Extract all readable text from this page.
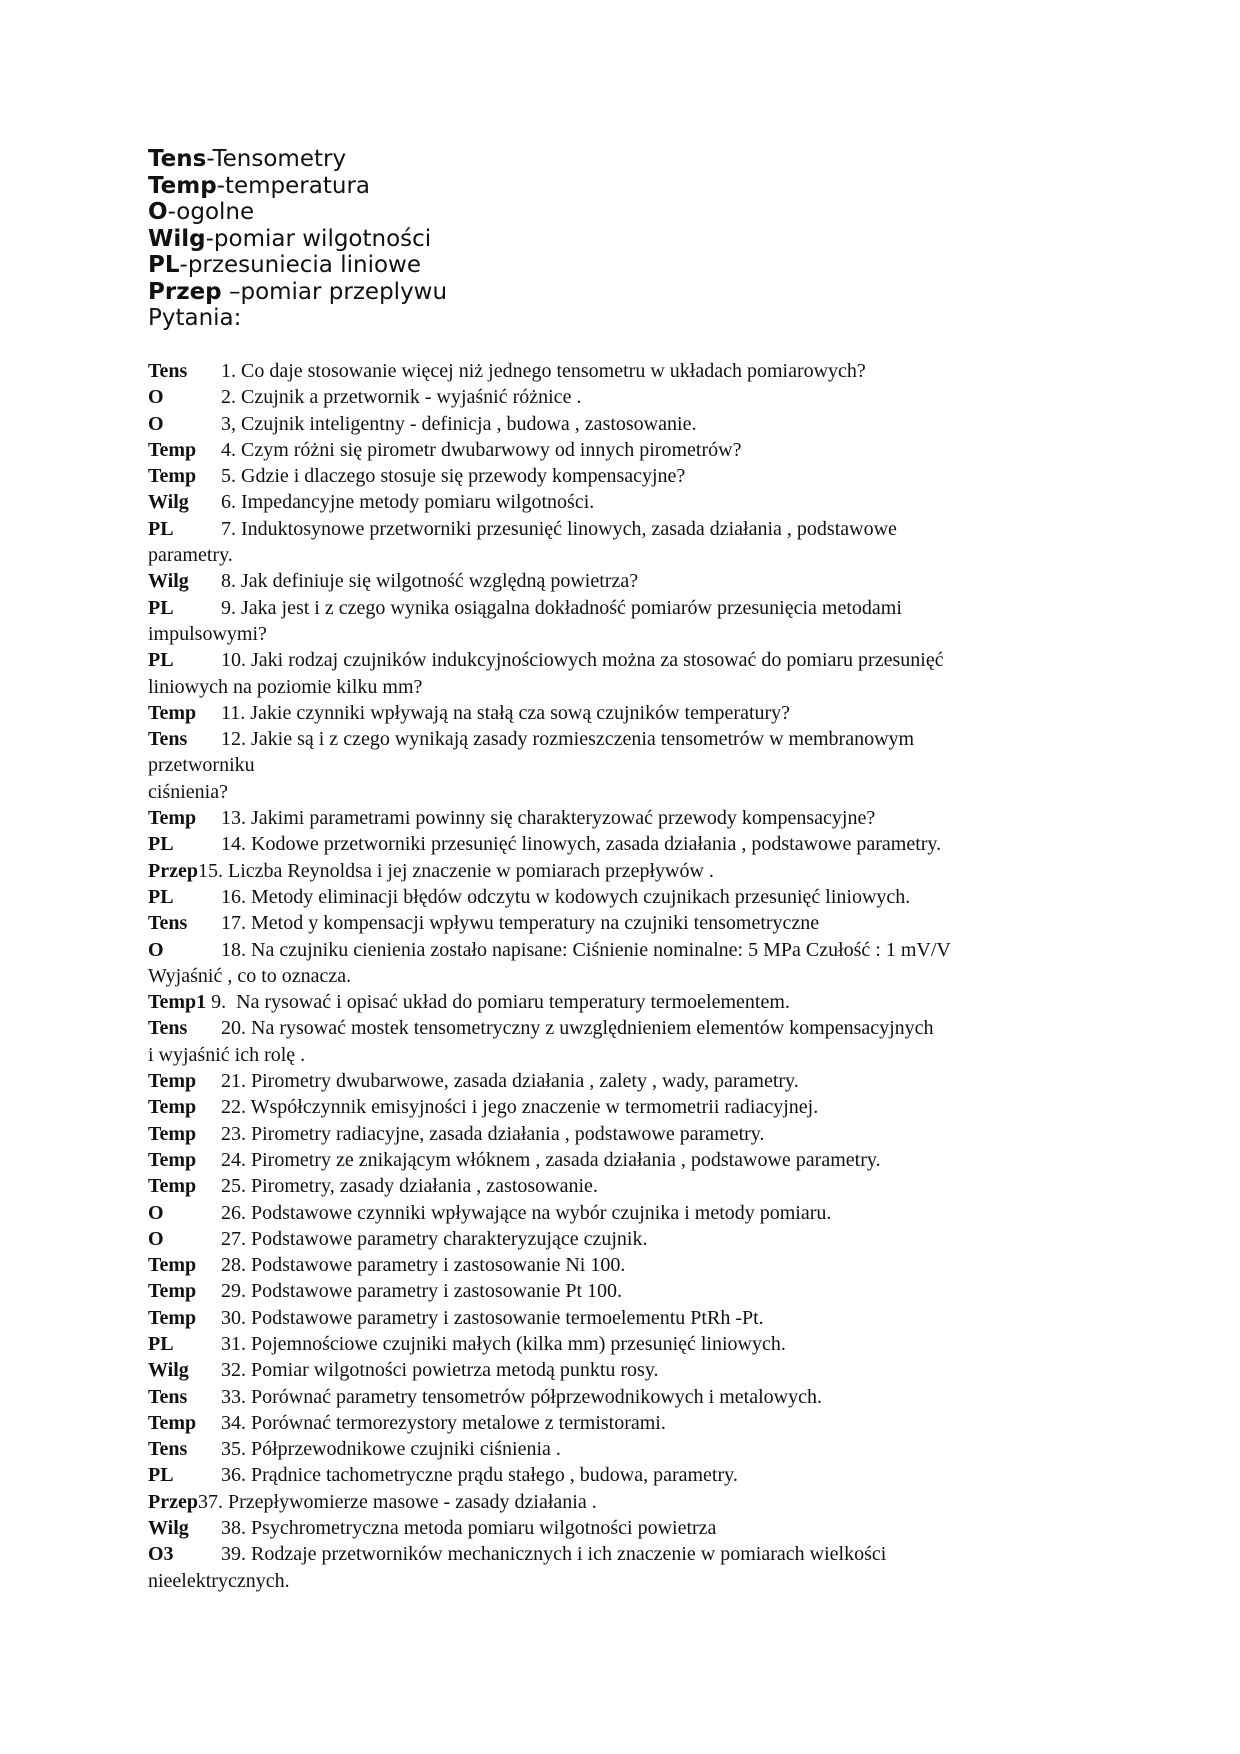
Tens-Tensometry
Temp-temperatura
O-ogolne
Wilg-pomiar wilgotności
PL-przesuniecia liniowe
Przep –pomiar przeplywu
Pytania:
Tens 1. Co daje stosowanie więcej niż jednego tensometru w układach pomiarowych?
O	2. Czujnik a przetwornik - wyjaśnić różnice .
O	3, Czujnik inteligentny - definicja , budowa , zastosowanie.
Temp 4. Czym różni się pirometr dwubarwowy od innych pirometrów?
Temp 5. Gdzie i dlaczego stosuje się przewody kompensacyjne?
Wilg 6. Impedancyjne metody pomiaru wilgotności.
PL 7. Induktosynowe przetworniki przesunięć linowych, zasada działania , podstawowe
parametry.
Wilg 8. Jak definiuje się wilgotność względną powietrza?
PL 9. Jaka jest i z czego wynika osiągalna dokładność pomiarów przesunięcia metodami
impulsowymi?
PL 10. Jaki rodzaj czujników indukcyjnościowych można za stosować do pomiaru przesunięć
liniowych na poziomie kilku mm?
Temp 11. Jakie czynniki wpływają na stałą cza sową czujników temperatury?
Tens 12. Jakie są i z czego wynikają zasady rozmieszczenia tensometrów w membranowym
przetworniku
ciśnienia?
Temp 13. Jakimi parametrami powinny się charakteryzować przewody kompensacyjne?
PL 14. Kodowe przetworniki przesunięć linowych, zasada działania , podstawowe parametry.
Przep15. Liczba Reynoldsa i jej znaczenie w pomiarach przepływów .
PL 16. Metody eliminacji błędów odczytu w kodowych czujnikach przesunięć liniowych.
Tens 17. Metod y kompensacji wpływu temperatury na czujniki tensometryczne
O	18. Na czujniku cienienia zostało napisane: Ciśnienie nominalne: 5 MPa Czułość : 1 mV/V
Wyjaśnić , co to oznacza.
Temp1 9.  Na rysować i opisać układ do pomiaru temperatury termoelementem.
Tens 20. Na rysować mostek tensometryczny z uwzględnieniem elementów kompensacyjnych
i wyjaśnić ich rolę .
Temp 21. Pirometry dwubarwowe, zasada działania , zalety , wady, parametry.
Temp 22. Współczynnik emisyjności i jego znaczenie w termometrii radiacyjnej.
Temp 23. Pirometry radiacyjne, zasada działania , podstawowe parametry.
Temp 24. Pirometry ze znikającym włóknem , zasada działania , podstawowe parametry.
Temp 25. Pirometry, zasady działania , zastosowanie.
O	26. Podstawowe czynniki wpływające na wybór czujnika i metody pomiaru.
O	27. Podstawowe parametry charakteryzujące czujnik.
Temp 28. Podstawowe parametry i zastosowanie Ni 100.
Temp 29. Podstawowe parametry i zastosowanie Pt 100.
Temp 30. Podstawowe parametry i zastosowanie termoelementu PtRh -Pt.
PL 31. Pojemnościowe czujniki małych (kilka mm) przesunięć liniowych.
Wilg 32. Pomiar wilgotności powietrza metodą punktu rosy.
Tens 33. Porównać parametry tensometrów półprzewodnikowych i metalowych.
Temp 34. Porównać termorezystory metalowe z termistorami.
Tens 35. Półprzewodnikowe czujniki ciśnienia .
PL 36. Prądnice tachometryczne prądu stałego , budowa, parametry.
Przep37. Przepływomierze masowe - zasady działania .
Wilg 38. Psychrometryczna metoda pomiaru wilgotności powietrza
O3 39. Rodzaje przetworników mechanicznych i ich znaczenie w pomiarach wielkości
nieelektrycznych.
